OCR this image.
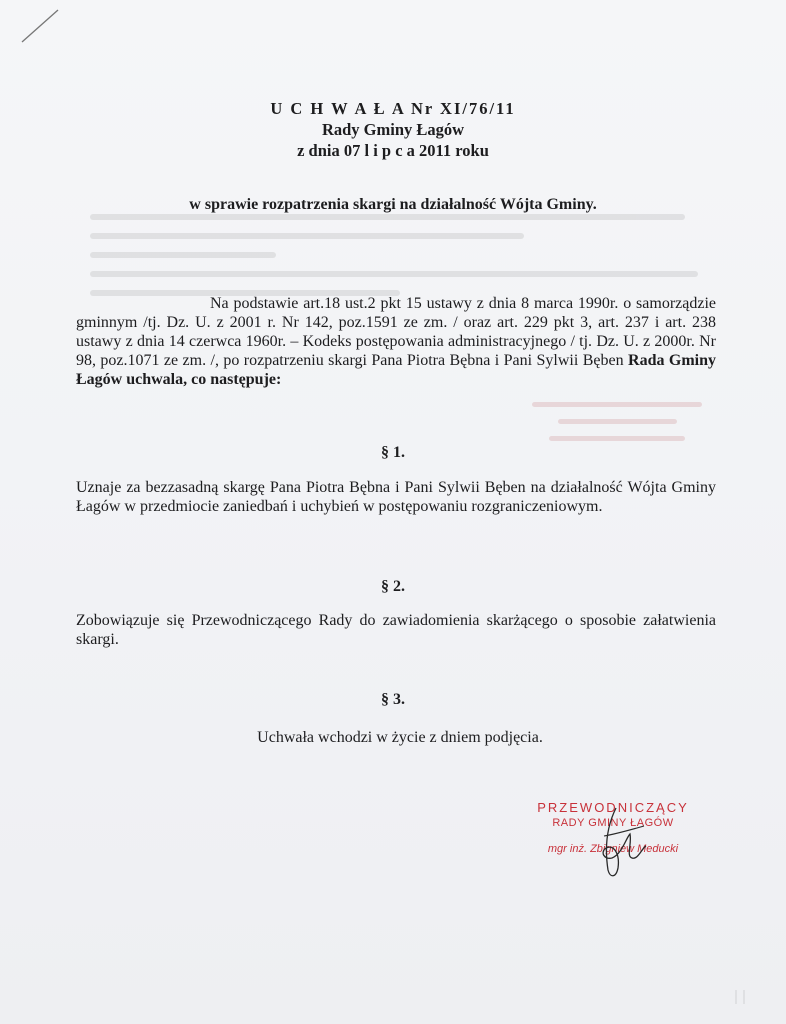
U C H W A Ł A Nr XI/76/11
Rady Gminy Łagów
z dnia 07 l i p c a 2011 roku
w sprawie rozpatrzenia skargi na działalność Wójta Gminy.
Na podstawie art.18 ust.2 pkt 15 ustawy z dnia 8 marca 1990r. o samorządzie gminnym /tj. Dz. U. z 2001 r. Nr 142, poz.1591 ze zm. / oraz art. 229 pkt 3, art. 237 i art. 238 ustawy z dnia 14 czerwca 1960r. – Kodeks postępowania administracyjnego / tj. Dz. U. z 2000r. Nr 98, poz.1071 ze zm. /, po rozpatrzeniu skargi Pana Piotra Bębna i Pani Sylwii Bęben Rada Gminy Łagów uchwala, co następuje:
§ 1.
Uznaje za bezzasadną skargę Pana Piotra Bębna i Pani Sylwii Bęben na działalność Wójta Gminy Łagów w przedmiocie zaniedbań i uchybień w postępowaniu rozgraniczeniowym.
§ 2.
Zobowiązuje się Przewodniczącego Rady do zawiadomienia skarżącego o sposobie załatwienia skargi.
§ 3.
Uchwała wchodzi w życie z dniem podjęcia.
PRZEWODNICZĄCY
RADY GMINY ŁAGÓW
mgr inż. Zbigniew Meducki
